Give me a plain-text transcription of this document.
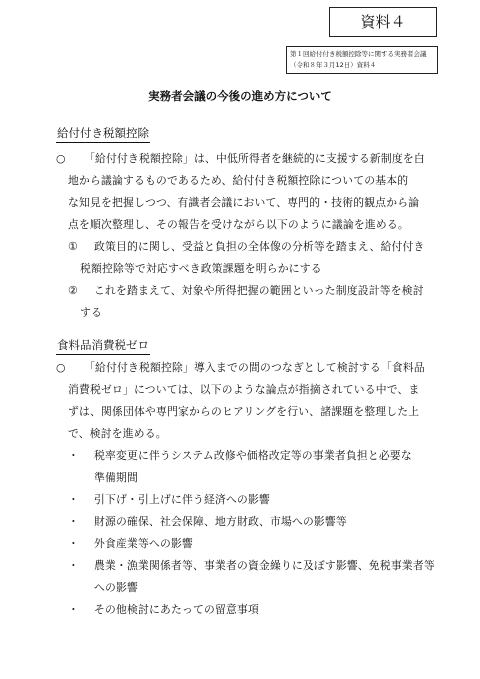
資料４
第１回給付付き税額控除等に関する実務者会議
（令和８年３月12日）資料４
実務者会議の今後の進め方について
給付付き税額控除
○ 「給付付き税額控除」は、中低所得者を継続的に支援する新制度を白
地から議論するものであるため、給付付き税額控除についての基本的
な知見を把握しつつ、有識者会議において、専門的・技術的観点から論
点を順次整理し、その報告を受けながら以下のように議論を進める。
① 政策目的に関し、受益と負担の全体像の分析等を踏まえ、給付付き
税額控除等で対応すべき政策課題を明らかにする
② これを踏まえて、対象や所得把握の範囲といった制度設計等を検討
する
食料品消費税ゼロ
○ 「給付付き税額控除」導入までの間のつなぎとして検討する「食料品
消費税ゼロ」については、以下のような論点が指摘されている中で、ま
ずは、関係団体や専門家からのヒアリングを行い、諸課題を整理した上
で、検討を進める。
・ 税率変更に伴うシステム改修や価格改定等の事業者負担と必要な
準備期間
・ 引下げ・引上げに伴う経済への影響
・ 財源の確保、社会保障、地方財政、市場への影響等
・ 外食産業等への影響
・ 農業・漁業関係者等、事業者の資金繰りに及ぼす影響、免税事業者等
への影響
・ その他検討にあたっての留意事項
